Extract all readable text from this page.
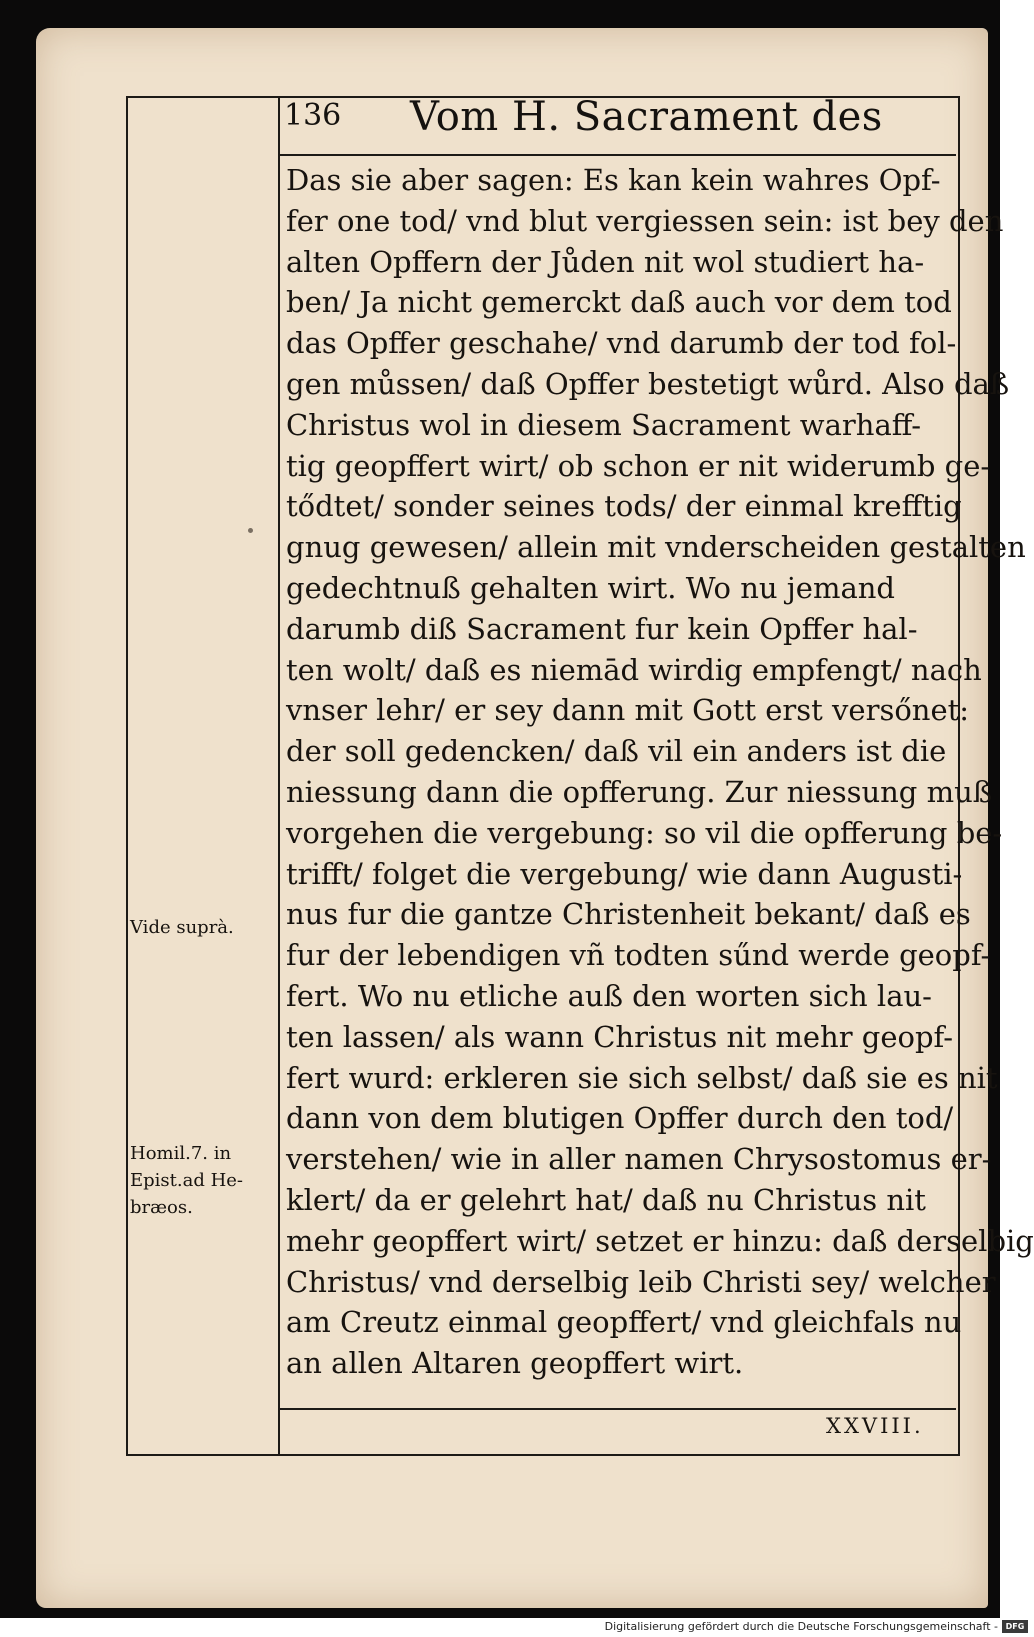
136 Vom H. Sacrament des
Das sie aber sagen: Es kan kein wahres Opf-
fer one tod/ vnd blut vergiessen sein: ist bey den
alten Opffern der Jůden nit wol studiert ha-
ben/ Ja nicht gemerckt daß auch vor dem tod
das Opffer geschahe/ vnd darumb der tod fol-
gen můssen/ daß Opffer bestetigt wůrd. Also daß
Christus wol in diesem Sacrament warhaff-
tig geopffert wirt/ ob schon er nit widerumb ge-
tődtet/ sonder seines tods/ der einmal krefftig
gnug gewesen/ allein mit vnderscheiden gestalten
gedechtnuß gehalten wirt. Wo nu jemand
darumb diß Sacrament fur kein Opffer hal-
ten wolt/ daß es niemād wirdig empfengt/ nach
vnser lehr/ er sey dann mit Gott erst versőnet:
der soll gedencken/ daß vil ein anders ist die
niessung dann die opfferung. Zur niessung muß
vorgehen die vergebung: so vil die opfferung be-
trifft/ folget die vergebung/ wie dann Augusti-
nus fur die gantze Christenheit bekant/ daß es
fur der lebendigen vñ todten sűnd werde geopf-
fert. Wo nu etliche auß den worten sich lau-
ten lassen/ als wann Christus nit mehr geopf-
fert wurd: erkleren sie sich selbst/ daß sie es nit
dann von dem blutigen Opffer durch den tod/
verstehen/ wie in aller namen Chrysostomus er-
klert/ da er gelehrt hat/ daß nu Christus nit
mehr geopffert wirt/ setzet er hinzu: daß derselbig
Christus/ vnd derselbig leib Christi sey/ welcher
am Creutz einmal geopffert/ vnd gleichfals nu
an allen Altaren geopffert wirt.
Vide suprà.
Homil.7. in
Epist.ad He-
bræos.
XXVIII.
Digitalisierung gefördert durch die Deutsche Forschungsgemeinschaft - DFG
